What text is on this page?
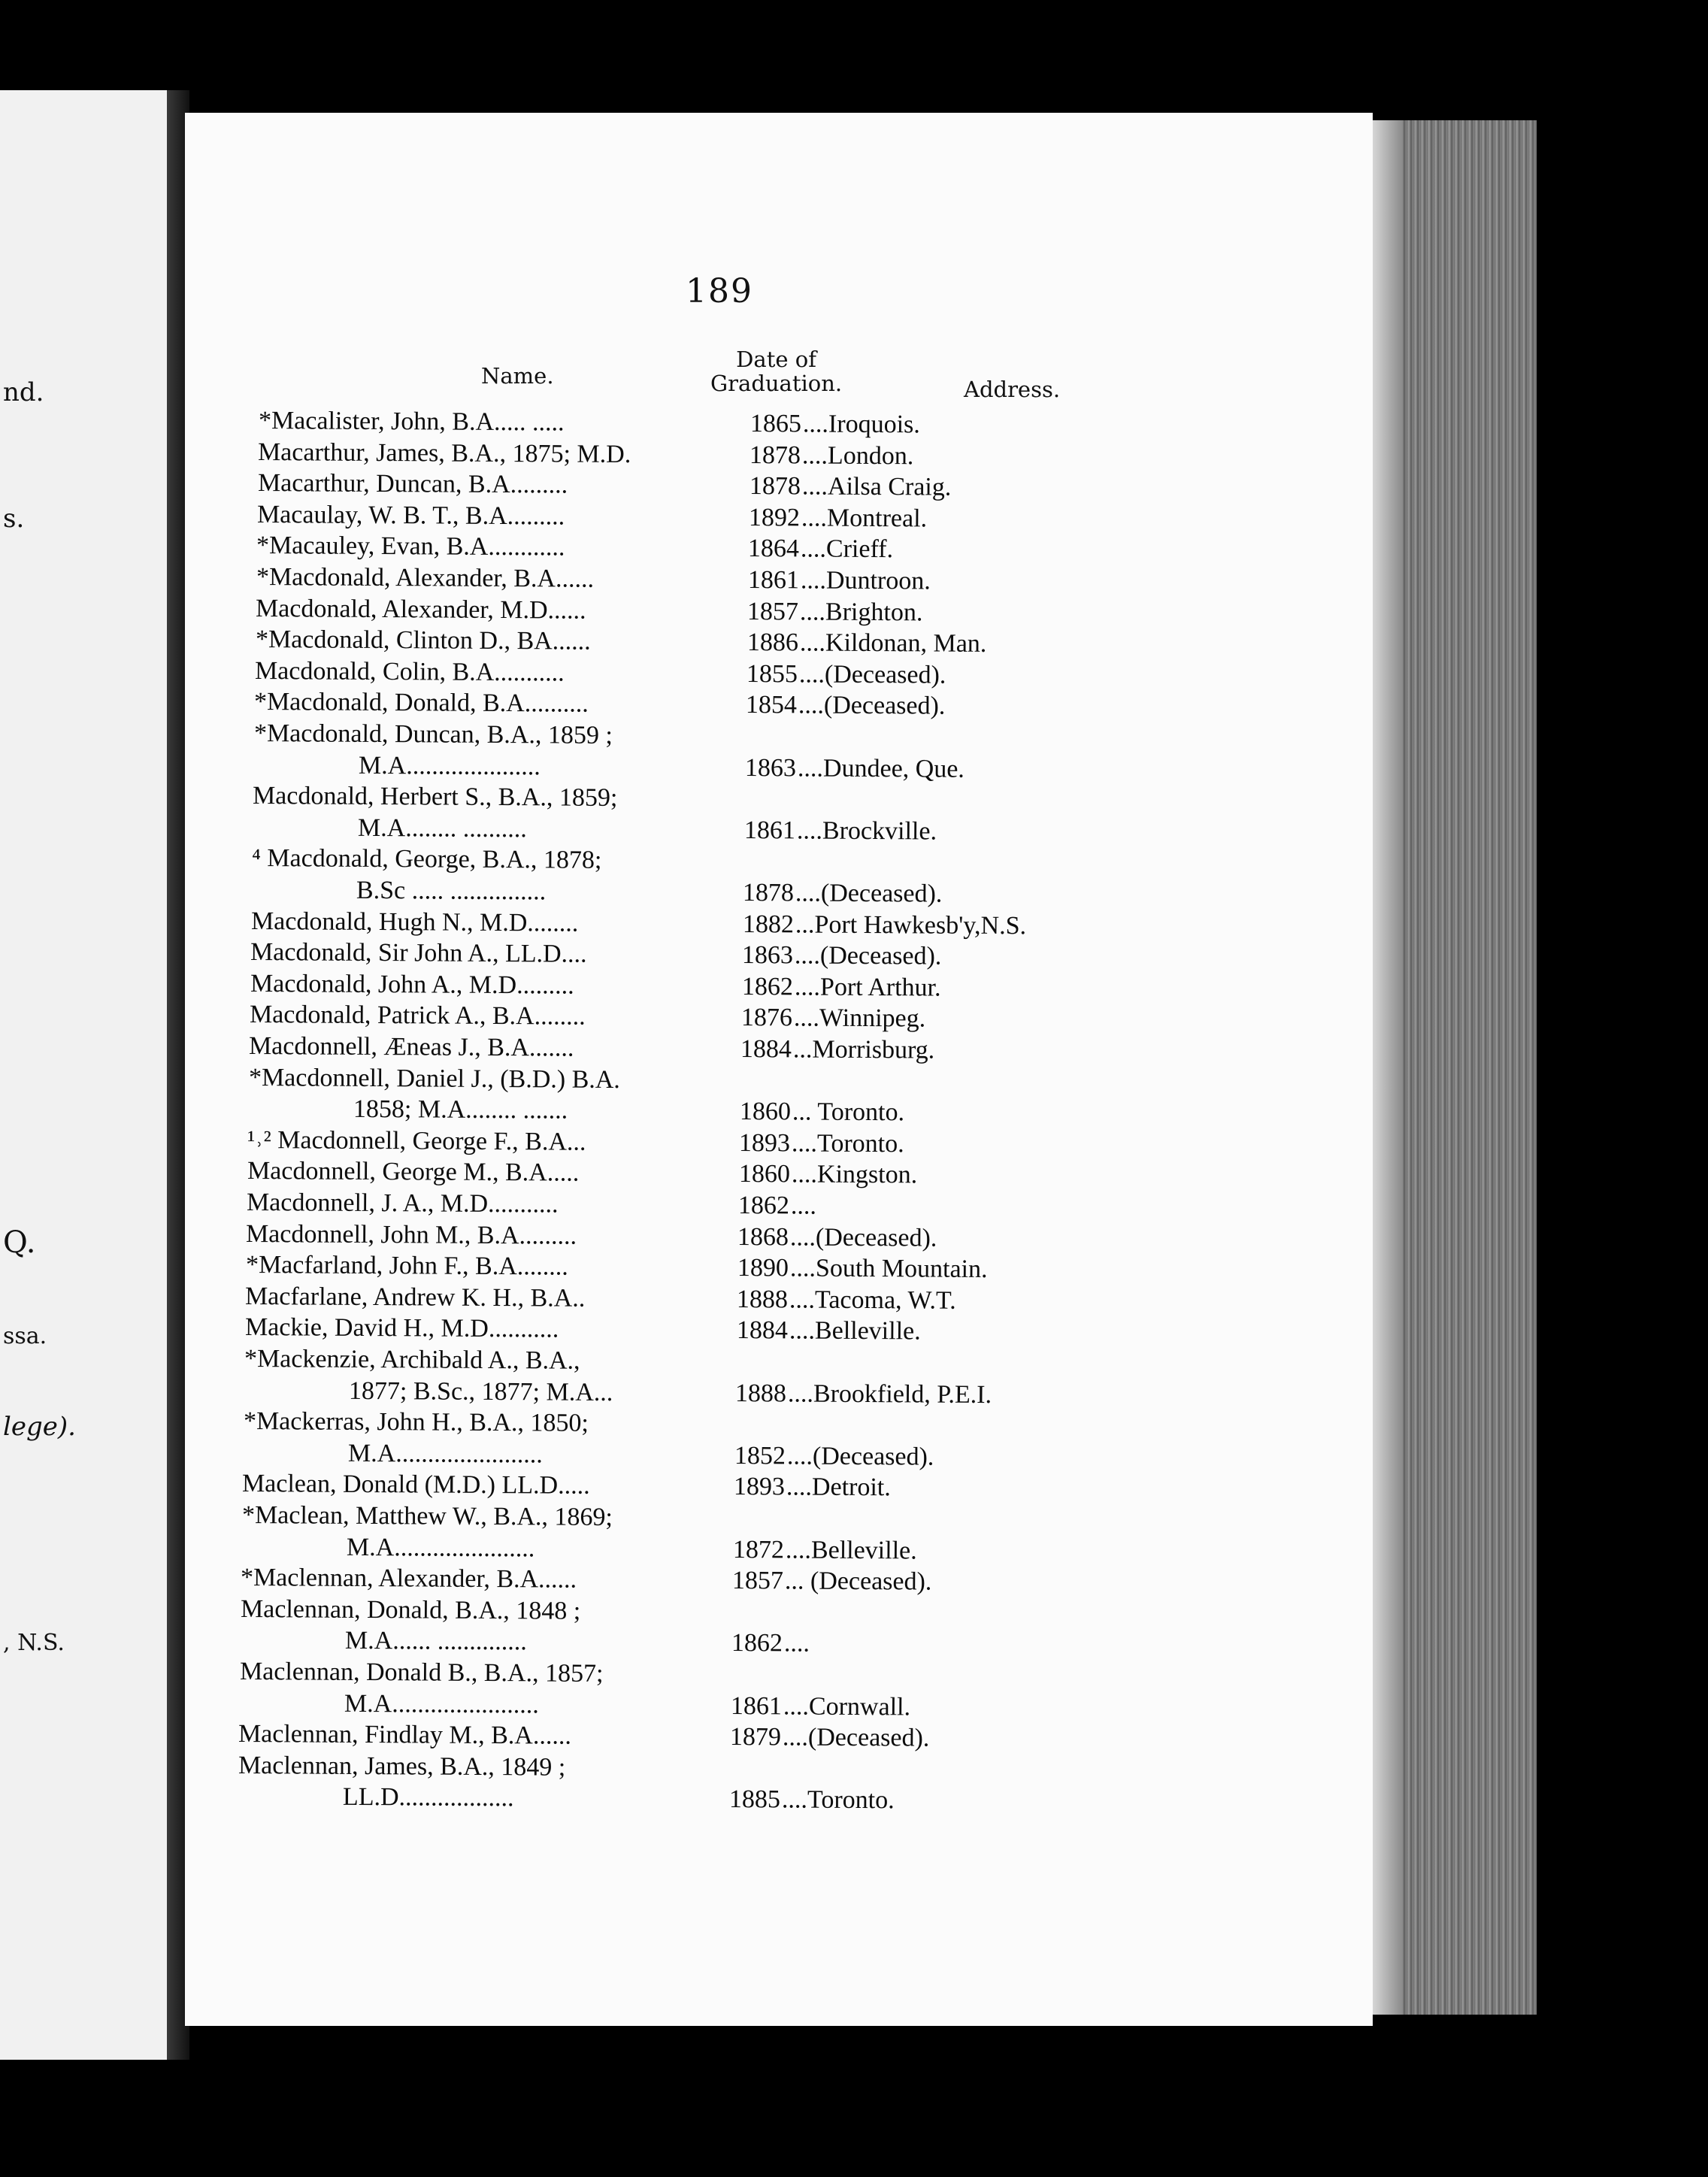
nd.
s.
Q.
ssa.
lege).
, N.S.
189
Name.
Date of
Graduation.	Address.
*Macalister, John, B.A..... .....	1865 ....Iroquois.
Macarthur, James, B.A., 1875; M.D.	1878 ....London.
Macarthur, Duncan, B.A.........	1878 ....Ailsa Craig.
Macaulay, W. B. T., B.A.........	1892 ....Montreal.
*Macauley, Evan, B.A............	1864 ....Crieff.
*Macdonald, Alexander, B.A......	1861 ....Duntroon.
Macdonald, Alexander, M.D......	1857 ....Brighton.
*Macdonald, Clinton D., BA......	1886 ....Kildonan, Man.
Macdonald, Colin, B.A...........	1855 ....(Deceased).
*Macdonald, Donald, B.A..........	1854 ....(Deceased).
*Macdonald, Duncan, B.A., 1859 ;
M.A.....................	1863 ....Dundee, Que.
Macdonald, Herbert S., B.A., 1859;
M.A........ ..........	1861 ....Brockville.
⁴ Macdonald, George, B.A., 1878;
B.Sc ..... ...............	1878 ....(Deceased).
Macdonald, Hugh N., M.D........	1882 ...Port Hawkesb'y,N.S.
Macdonald, Sir John A., LL.D....	1863 ....(Deceased).
Macdonald, John A., M.D.........	1862 ....Port Arthur.
Macdonald, Patrick A., B.A........	1876 ....Winnipeg.
Macdonnell, Æneas J., B.A.......	1884 ...Morrisburg.
*Macdonnell, Daniel J., (B.D.) B.A.
1858; M.A........ .......	1860 ... Toronto.
¹˒² Macdonnell, George F., B.A...	1893 ....Toronto.
Macdonnell, George M., B.A.....	1860 ....Kingston.
Macdonnell, J. A., M.D...........	1862 ....
Macdonnell, John M., B.A.........	1868 ....(Deceased).
*Macfarland, John F., B.A........	1890 ....South Mountain.
Macfarlane, Andrew K. H., B.A..	1888 ....Tacoma, W.T.
Mackie, David H., M.D...........	1884 ....Belleville.
*Mackenzie, Archibald A., B.A.,
1877; B.Sc., 1877; M.A...	1888 ....Brookfield, P.E.I.
*Mackerras, John H., B.A., 1850;
M.A.......................	1852 ....(Deceased).
Maclean, Donald (M.D.) LL.D.....	1893 ....Detroit.
*Maclean, Matthew W., B.A., 1869;
M.A......................	1872 ....Belleville.
*Maclennan, Alexander, B.A......	1857 ... (Deceased).
Maclennan, Donald, B.A., 1848 ;
M.A...... ..............	1862 ....
Maclennan, Donald B., B.A., 1857;
M.A.......................	1861 ....Cornwall.
Maclennan, Findlay M., B.A......	1879 ....(Deceased).
Maclennan, James, B.A., 1849 ;
LL.D..................	1885 ....Toronto.
